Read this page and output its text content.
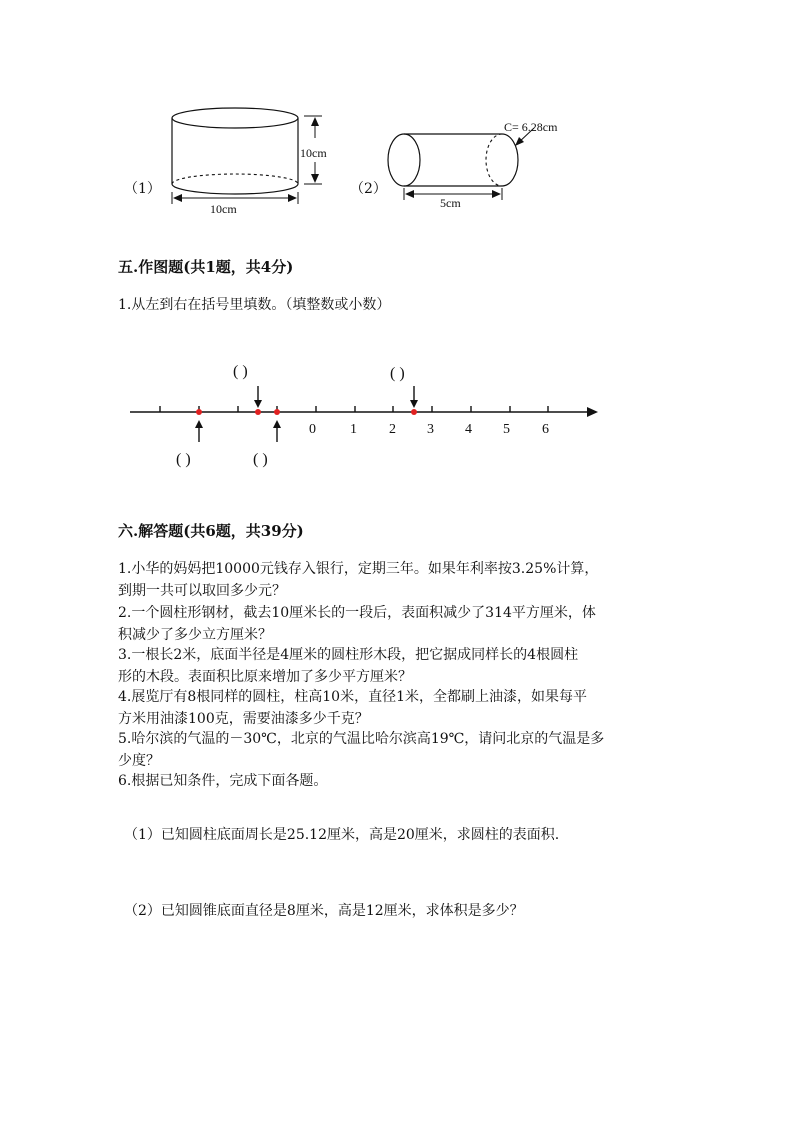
（1）
10cm
10cm
（2）
C= 6.28cm
5cm
五.作图题(共1题，共4分)
1.从左到右在括号里填数。（填整数或小数）
0 1 2 3 4 5 6
( )	( )
( )	( )
六.解答题(共6题，共39分)
1.小华的妈妈把10000元钱存入银行，定期三年。如果年利率按3.25%计算，
到期一共可以取回多少元？
2.一个圆柱形钢材，截去10厘米长的一段后，表面积减少了314平方厘米，体
积减少了多少立方厘米？
3.一根长2米，底面半径是4厘米的圆柱形木段，把它据成同样长的4根圆柱
形的木段。表面积比原来增加了多少平方厘米？
4.展览厅有8根同样的圆柱，柱高10米，直径1米，全都刷上油漆，如果每平
方米用油漆100克，需要油漆多少千克？
5.哈尔滨的气温的－30℃，北京的气温比哈尔滨高19℃，请问北京的气温是多
少度？
6.根据已知条件，完成下面各题。
（1）已知圆柱底面周长是25.12厘米，高是20厘米，求圆柱的表面积.
（2）已知圆锥底面直径是8厘米，高是12厘米，求体积是多少？
